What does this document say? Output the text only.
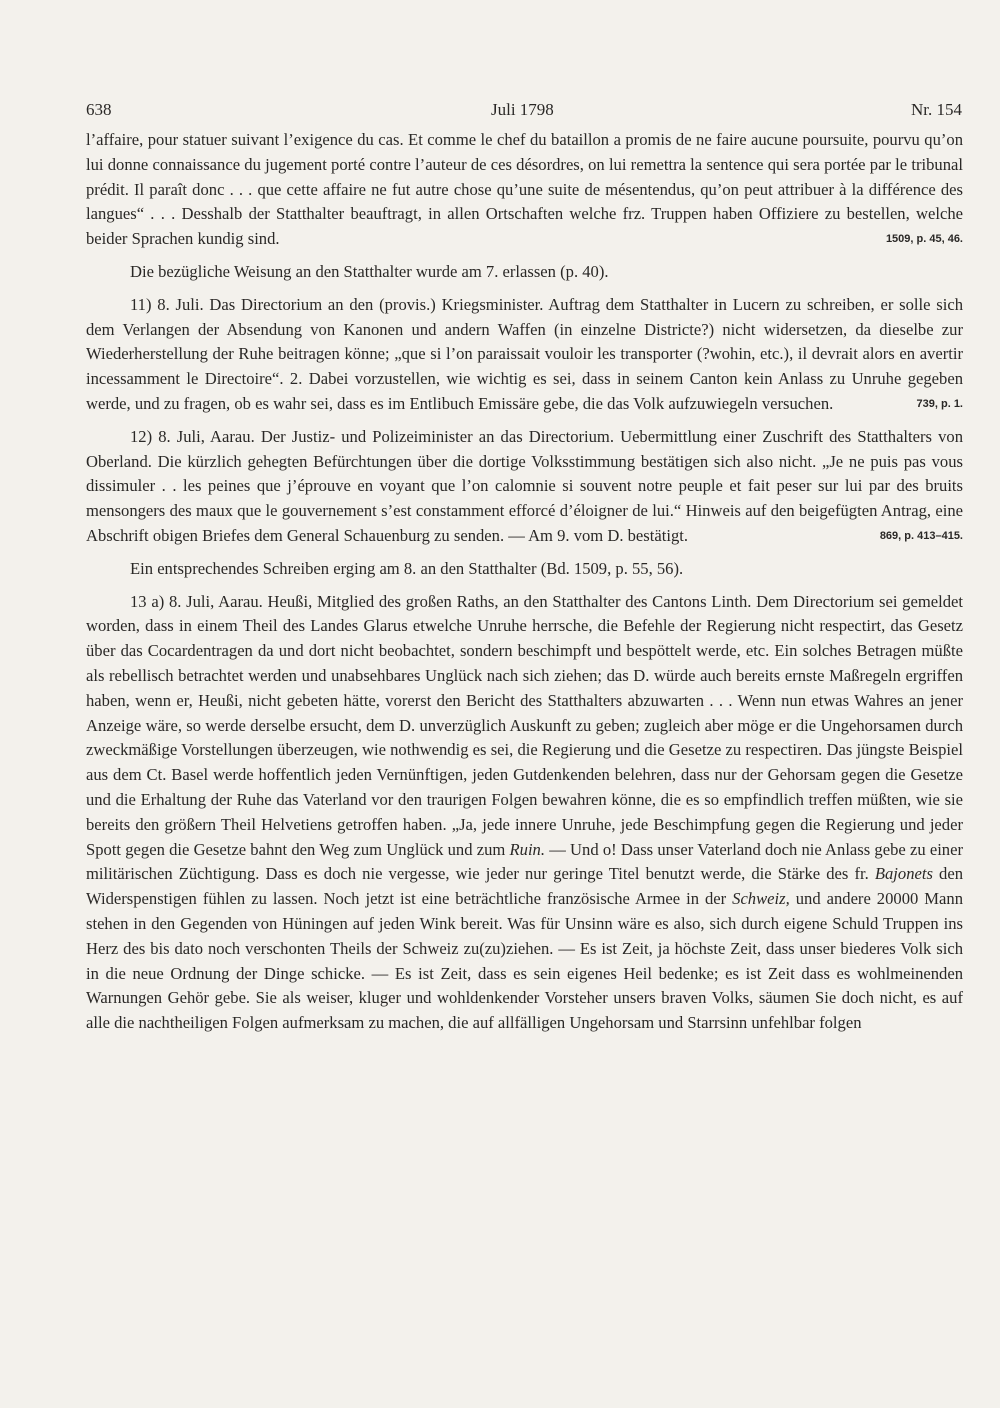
638	Juli 1798	Nr. 154

l’affaire, pour statuer suivant l’exigence du cas. Et comme le chef du bataillon a promis de ne faire aucune poursuite, pourvu qu’on lui donne connaissance du jugement porté contre l’auteur de ces désordres, on lui remettra la sentence qui sera portée par le tribunal prédit. Il paraît donc . . . que cette affaire ne fut autre chose qu’une suite de mésentendus, qu’on peut attribuer à la différence des langues“ . . . Desshalb der Statthalter beauftragt, in allen Ortschaften welche frz. Truppen haben Offiziere zu bestellen, welche beider Sprachen kundig sind.	1509, p. 45, 46.

Die bezügliche Weisung an den Statthalter wurde am 7. erlassen (p. 40).

11) 8. Juli. Das Directorium an den (provis.) Kriegsminister. Auftrag dem Statthalter in Lucern zu schreiben, er solle sich dem Verlangen der Absendung von Kanonen und andern Waffen (in einzelne Districte?) nicht widersetzen, da dieselbe zur Wiederherstellung der Ruhe beitragen könne; „que si l’on paraissait vouloir les transporter (?wohin, etc.), il devrait alors en avertir incessamment le Directoire“. 2. Dabei vorzustellen, wie wichtig es sei, dass in seinem Canton kein Anlass zu Unruhe gegeben werde, und zu fragen, ob es wahr sei, dass es im Entlibuch Emissäre gebe, die das Volk aufzuwiegeln versuchen.	739, p. 1.

12) 8. Juli, Aarau. Der Justiz- und Polizeiminister an das Directorium. Uebermittlung einer Zuschrift des Statthalters von Oberland. Die kürzlich gehegten Befürchtungen über die dortige Volksstimmung bestätigen sich also nicht. „Je ne puis pas vous dissimuler . . les peines que j’éprouve en voyant que l’on calomnie si souvent notre peuple et fait peser sur lui par des bruits mensongers des maux que le gouvernement s’est constamment efforcé d’éloigner de lui.“ Hinweis auf den beigefügten Antrag, eine Abschrift obigen Briefes dem General Schauenburg zu senden. — Am 9. vom D. bestätigt.	869, p. 413–415.

Ein entsprechendes Schreiben erging am 8. an den Statthalter (Bd. 1509, p. 55, 56).

13 a) 8. Juli, Aarau. Heußi, Mitglied des großen Raths, an den Statthalter des Cantons Linth. Dem Directorium sei gemeldet worden, dass in einem Theil des Landes Glarus etwelche Unruhe herrsche, die Befehle der Regierung nicht respectirt, das Gesetz über das Cocardentragen da und dort nicht beobachtet, sondern beschimpft und bespöttelt werde, etc. Ein solches Betragen müßte als rebellisch betrachtet werden und unabsehbares Unglück nach sich ziehen; das D. würde auch bereits ernste Maßregeln ergriffen haben, wenn er, Heußi, nicht gebeten hätte, vorerst den Bericht des Statthalters abzuwarten . . . Wenn nun etwas Wahres an jener Anzeige wäre, so werde derselbe ersucht, dem D. unverzüglich Auskunft zu geben; zugleich aber möge er die Ungehorsamen durch zweckmäßige Vorstellungen überzeugen, wie nothwendig es sei, die Regierung und die Gesetze zu respectiren. Das jüngste Beispiel aus dem Ct. Basel werde hoffentlich jeden Vernünftigen, jeden Gutdenkenden belehren, dass nur der Gehorsam gegen die Gesetze und die Erhaltung der Ruhe das Vaterland vor den traurigen Folgen bewahren könne, die es so empfindlich treffen müßten, wie sie bereits den größern Theil Helvetiens getroffen haben. „Ja, jede innere Unruhe, jede Beschimpfung gegen die Regierung und jeder Spott gegen die Gesetze bahnt den Weg zum Unglück und zum Ruin. — Und o! Dass unser Vaterland doch nie Anlass gebe zu einer militärischen Züchtigung. Dass es doch nie vergesse, wie jeder nur geringe Titel benutzt werde, die Stärke des fr. Bajonets den Widerspenstigen fühlen zu lassen. Noch jetzt ist eine beträchtliche französische Armee in der Schweiz, und andere 20000 Mann stehen in den Gegenden von Hüningen auf jeden Wink bereit. Was für Unsinn wäre es also, sich durch eigene Schuld Truppen ins Herz des bis dato noch verschonten Theils der Schweiz zu(zu)ziehen. — Es ist Zeit, ja höchste Zeit, dass unser biederes Volk sich in die neue Ordnung der Dinge schicke. — Es ist Zeit, dass es sein eigenes Heil bedenke; es ist Zeit dass es wohlmeinenden Warnungen Gehör gebe. Sie als weiser, kluger und wohldenkender Vorsteher unsers braven Volks, säumen Sie doch nicht, es auf alle die nachtheiligen Folgen aufmerksam zu machen, die auf allfälligen Ungehorsam und Starrsinn unfehlbar folgen
